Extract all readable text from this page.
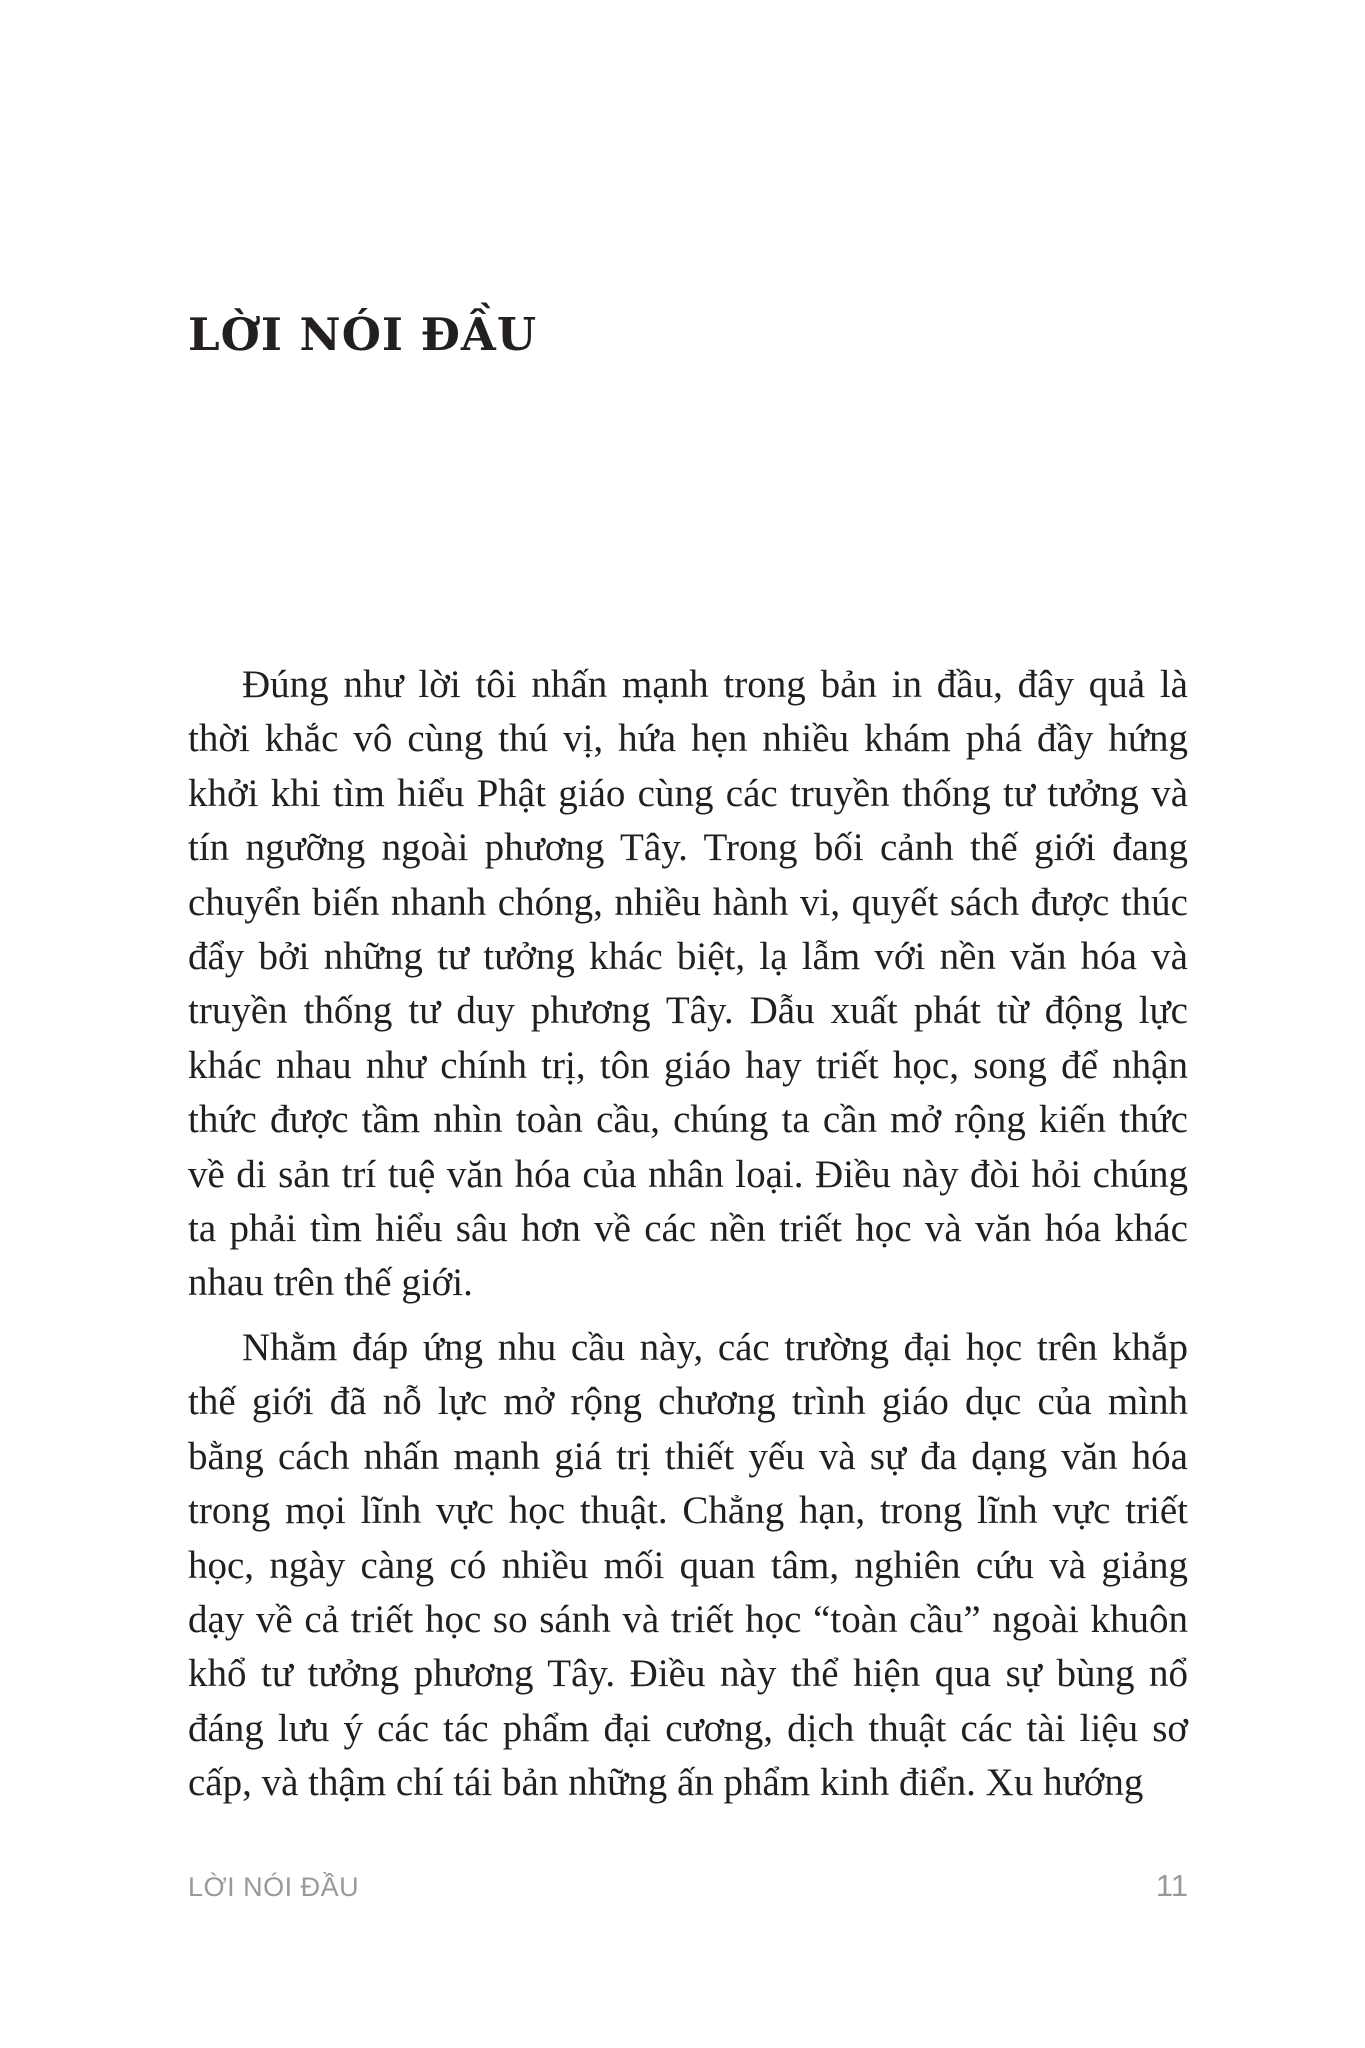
LỜI NÓI ĐẦU

Đúng như lời tôi nhấn mạnh trong bản in đầu, đây quả là thời khắc vô cùng thú vị, hứa hẹn nhiều khám phá đầy hứng khởi khi tìm hiểu Phật giáo cùng các truyền thống tư tưởng và tín ngưỡng ngoài phương Tây. Trong bối cảnh thế giới đang chuyển biến nhanh chóng, nhiều hành vi, quyết sách được thúc đẩy bởi những tư tưởng khác biệt, lạ lẫm với nền văn hóa và truyền thống tư duy phương Tây. Dẫu xuất phát từ động lực khác nhau như chính trị, tôn giáo hay triết học, song để nhận thức được tầm nhìn toàn cầu, chúng ta cần mở rộng kiến thức về di sản trí tuệ văn hóa của nhân loại. Điều này đòi hỏi chúng ta phải tìm hiểu sâu hơn về các nền triết học và văn hóa khác nhau trên thế giới.

Nhằm đáp ứng nhu cầu này, các trường đại học trên khắp thế giới đã nỗ lực mở rộng chương trình giáo dục của mình bằng cách nhấn mạnh giá trị thiết yếu và sự đa dạng văn hóa trong mọi lĩnh vực học thuật. Chẳng hạn, trong lĩnh vực triết học, ngày càng có nhiều mối quan tâm, nghiên cứu và giảng dạy về cả triết học so sánh và triết học “toàn cầu” ngoài khuôn khổ tư tưởng phương Tây. Điều này thể hiện qua sự bùng nổ đáng lưu ý các tác phẩm đại cương, dịch thuật các tài liệu sơ cấp, và thậm chí tái bản những ấn phẩm kinh điển. Xu hướng

LỜI NÓI ĐẦU	11
